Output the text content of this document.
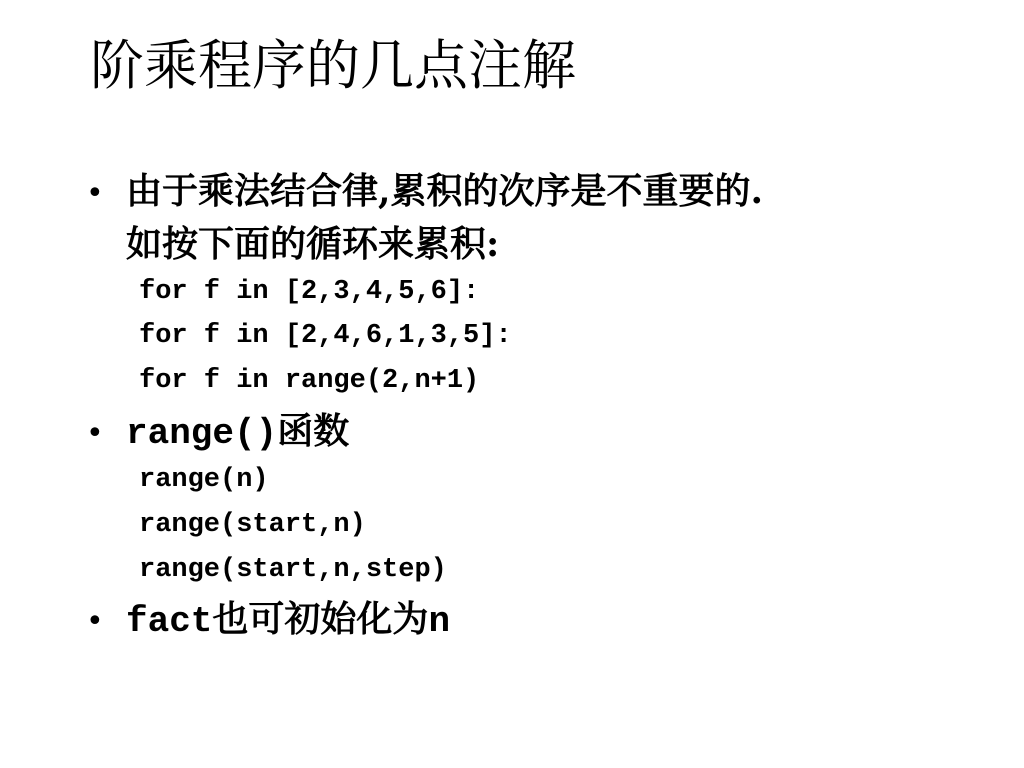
阶乘程序的几点注解
• 由于乘法结合律,累积的次序是不重要的.
如按下面的循环来累积:
for f in [2,3,4,5,6]:
for f in [2,4,6,1,3,5]:
for f in range(2,n+1)
• range()函数
range(n)
range(start,n)
range(start,n,step)
• fact也可初始化为n
